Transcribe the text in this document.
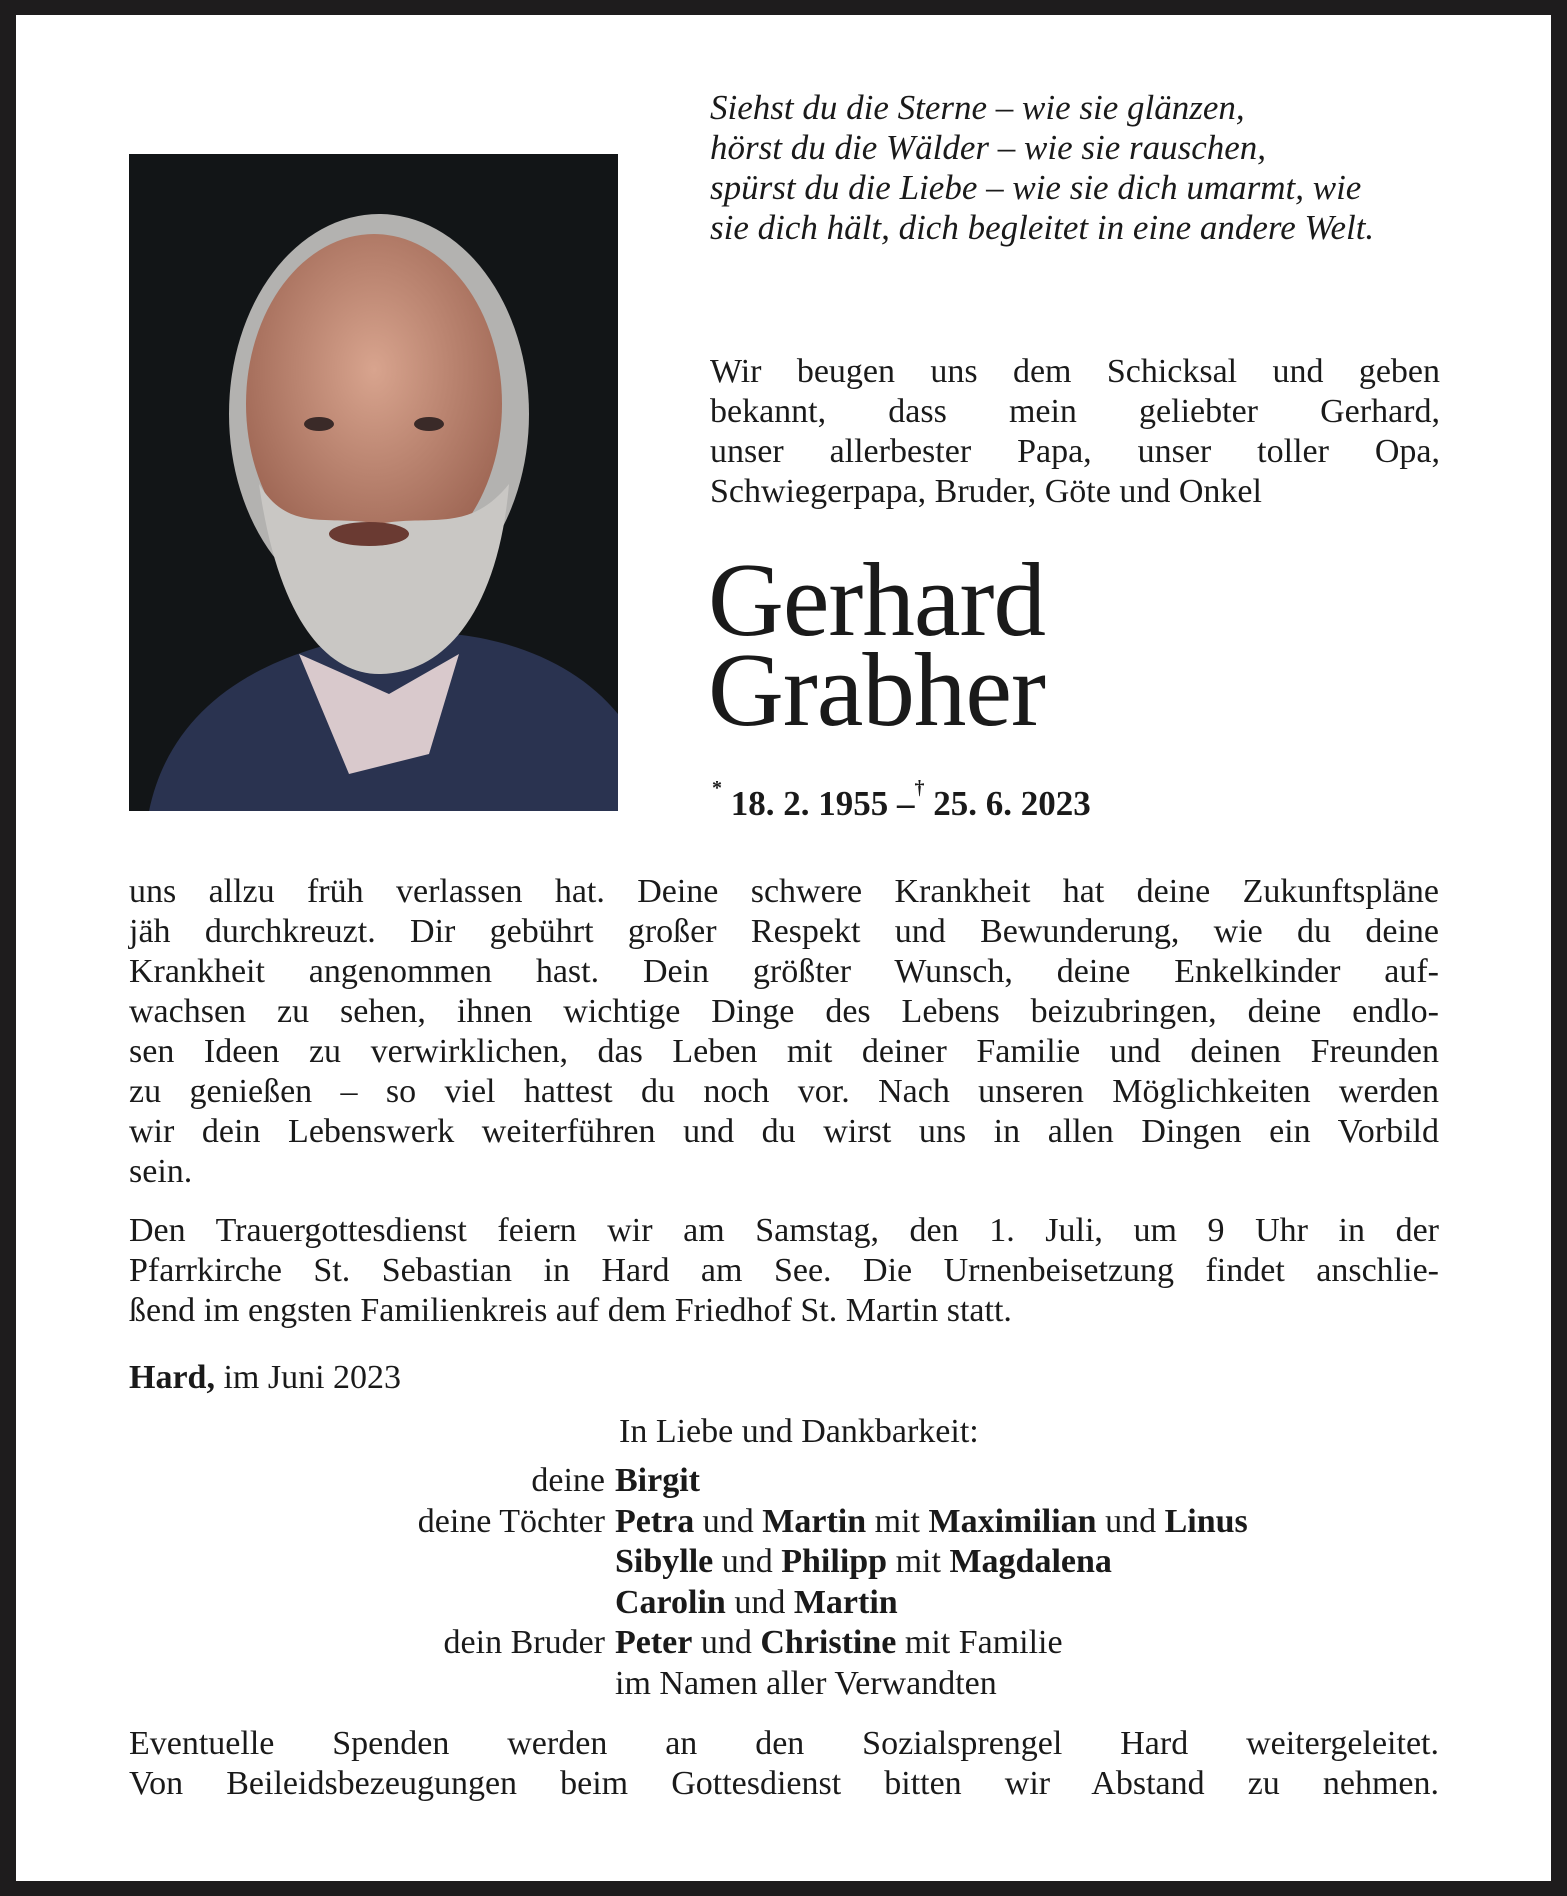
Siehst du die Sterne – wie sie glänzen,
hörst du die Wälder – wie sie rauschen,
spürst du die Liebe – wie sie dich umarmt, wie
sie dich hält, dich begleitet in eine andere Welt.
Wir beugen uns dem Schicksal und geben
bekannt, dass mein geliebter Gerhard,
unser allerbester Papa, unser toller Opa,
Schwiegerpapa, Bruder, Göte und Onkel
Gerhard
Grabher
* 18. 2. 1955 –† 25. 6. 2023
uns allzu früh verlassen hat. Deine schwere Krankheit hat deine Zukunftspläne
jäh durchkreuzt. Dir gebührt großer Respekt und Bewunderung, wie du deine
Krankheit angenommen hast. Dein größter Wunsch, deine Enkelkinder auf-
wachsen zu sehen, ihnen wichtige Dinge des Lebens beizubringen, deine endlo-
sen Ideen zu verwirklichen, das Leben mit deiner Familie und deinen Freunden
zu genießen – so viel hattest du noch vor. Nach unseren Möglichkeiten werden
wir dein Lebenswerk weiterführen und du wirst uns in allen Dingen ein Vorbild
sein.
Den Trauergottesdienst feiern wir am Samstag, den 1. Juli, um 9 Uhr in der
Pfarrkirche St. Sebastian in Hard am See. Die Urnenbeisetzung findet anschlie-
ßend im engsten Familienkreis auf dem Friedhof St. Martin statt.
Hard, im Juni 2023
In Liebe und Dankbarkeit:
deine Birgit
deine Töchter Petra und Martin mit Maximilian und Linus
Sibylle und Philipp mit Magdalena
Carolin und Martin
dein Bruder Peter und Christine mit Familie
im Namen aller Verwandten
Eventuelle Spenden werden an den Sozialsprengel Hard weitergeleitet.
Von Beileidsbezeugungen beim Gottesdienst bitten wir Abstand zu nehmen.
